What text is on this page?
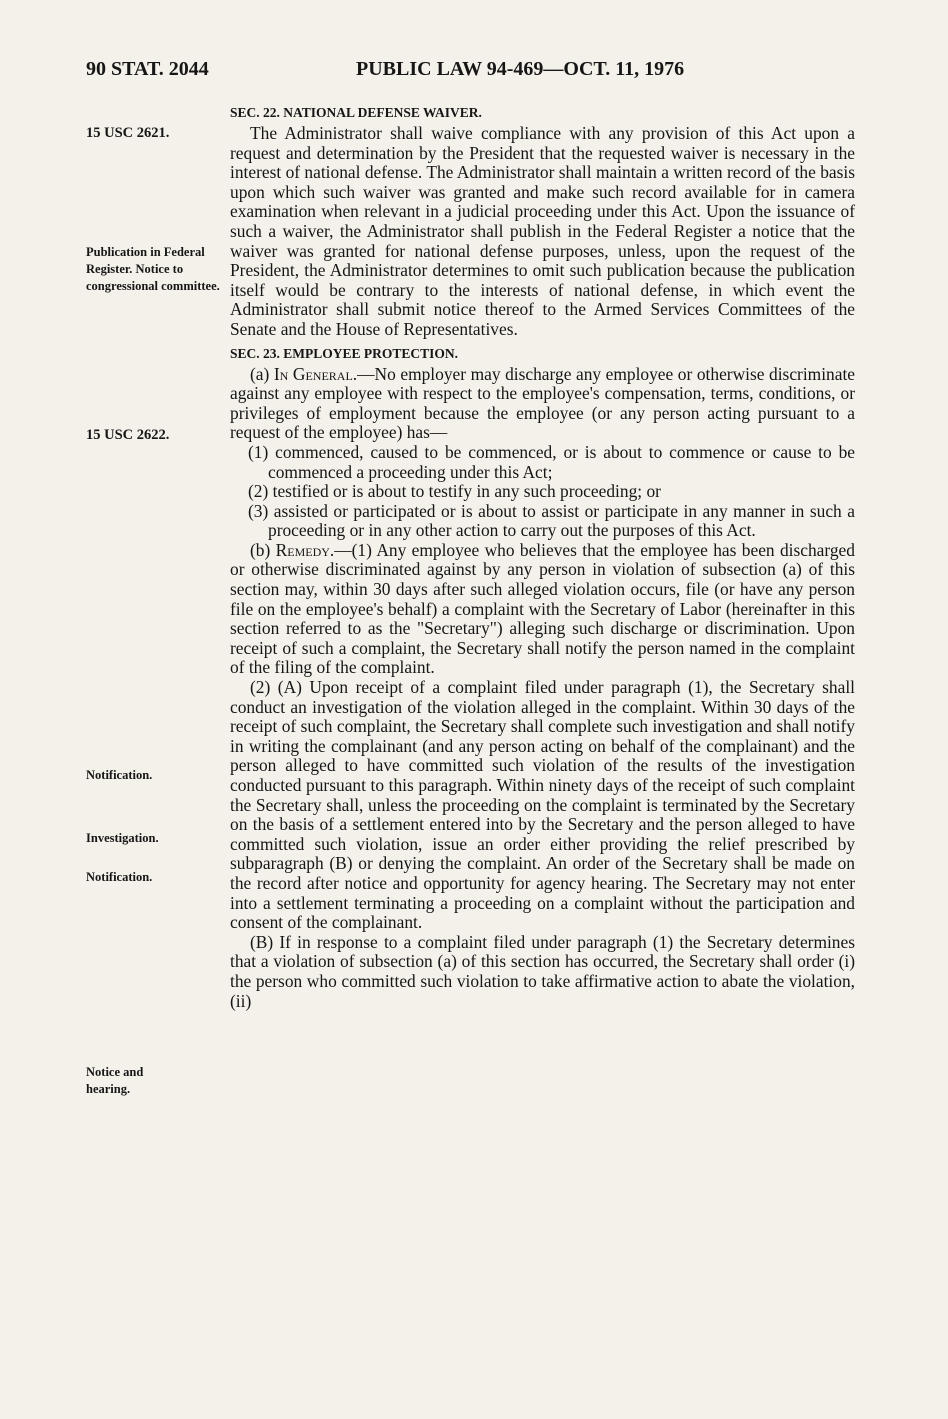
90 STAT. 2044	PUBLIC LAW 94-469—OCT. 11, 1976
15 USC 2621.
Publication in Federal Register. Notice to congressional committee.
15 USC 2622.
Notification.
Investigation.
Notification.
Notice and hearing.
SEC. 22. NATIONAL DEFENSE WAIVER.

The Administrator shall waive compliance with any provision of this Act upon a request and determination by the President that the requested waiver is necessary in the interest of national defense. The Administrator shall maintain a written record of the basis upon which such waiver was granted and make such record available for in camera examination when relevant in a judicial proceeding under this Act. Upon the issuance of such a waiver, the Administrator shall publish in the Federal Register a notice that the waiver was granted for national defense purposes, unless, upon the request of the President, the Administrator determines to omit such publication because the publication itself would be contrary to the interests of national defense, in which event the Administrator shall submit notice thereof to the Armed Services Committees of the Senate and the House of Representatives.

SEC. 23. EMPLOYEE PROTECTION.

(a) In General.—No employer may discharge any employee or otherwise discriminate against any employee with respect to the employee's compensation, terms, conditions, or privileges of employment because the employee (or any person acting pursuant to a request of the employee) has—

(1) commenced, caused to be commenced, or is about to commence or cause to be commenced a proceeding under this Act;

(2) testified or is about to testify in any such proceeding; or

(3) assisted or participated or is about to assist or participate in any manner in such a proceeding or in any other action to carry out the purposes of this Act.

(b) Remedy.—(1) Any employee who believes that the employee has been discharged or otherwise discriminated against by any person in violation of subsection (a) of this section may, within 30 days after such alleged violation occurs, file (or have any person file on the employee's behalf) a complaint with the Secretary of Labor (hereinafter in this section referred to as the "Secretary") alleging such discharge or discrimination. Upon receipt of such a complaint, the Secretary shall notify the person named in the complaint of the filing of the complaint.

(2) (A) Upon receipt of a complaint filed under paragraph (1), the Secretary shall conduct an investigation of the violation alleged in the complaint. Within 30 days of the receipt of such complaint, the Secretary shall complete such investigation and shall notify in writing the complainant (and any person acting on behalf of the complainant) and the person alleged to have committed such violation of the results of the investigation conducted pursuant to this paragraph. Within ninety days of the receipt of such complaint the Secretary shall, unless the proceeding on the complaint is terminated by the Secretary on the basis of a settlement entered into by the Secretary and the person alleged to have committed such violation, issue an order either providing the relief prescribed by subparagraph (B) or denying the complaint. An order of the Secretary shall be made on the record after notice and opportunity for agency hearing. The Secretary may not enter into a settlement terminating a proceeding on a complaint without the participation and consent of the complainant.

(B) If in response to a complaint filed under paragraph (1) the Secretary determines that a violation of subsection (a) of this section has occurred, the Secretary shall order (i) the person who committed such violation to take affirmative action to abate the violation, (ii)
